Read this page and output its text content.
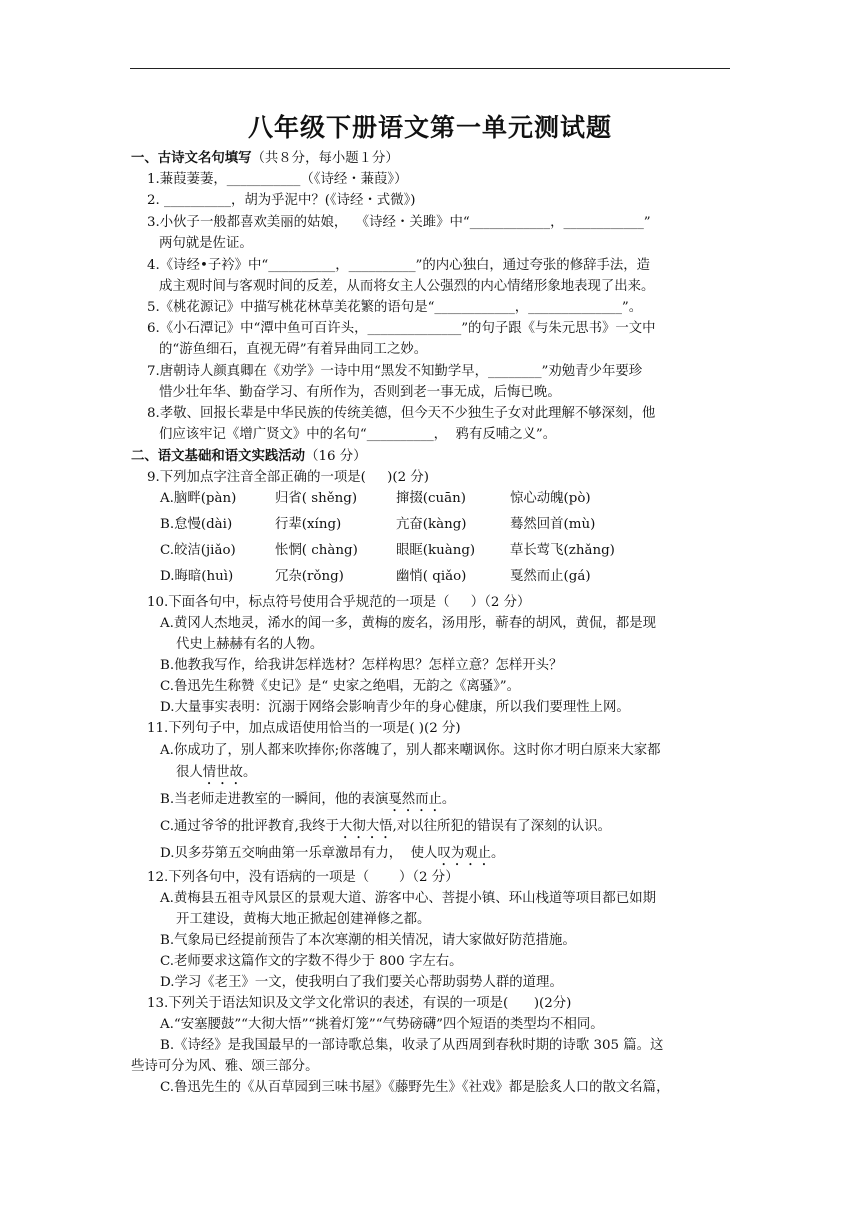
八年级下册语文第一单元测试题
一、古诗文名句填写（共８分，每小题１分）
1.蒹葭萋萋，___________（《诗经・蒹葭》）
2. __________，胡为乎泥中？(《诗经・式微》)
3.小伙子一般都喜欢美丽的姑娘，  《诗经・关雎》中“____________，____________”
两句就是佐证。
4.《诗经•子衿》中“__________，__________”的内心独白，通过夸张的修辞手法，造
成主观时间与客观时间的反差，从而将女主人公强烈的内心情绪形象地表现了出来。
5.《桃花源记》中描写桃花林草美花繁的语句是“____________，______________”。
6.《小石潭记》中“潭中鱼可百许头，______________”的句子跟《与朱元思书》一文中
的“游鱼细石，直视无碍”有着异曲同工之妙。
7.唐朝诗人颜真卿在《劝学》一诗中用“黑发不知勤学早，________”劝勉青少年要珍
惜少壮年华、勤奋学习、有所作为，否则到老一事无成，后悔已晚。
8.孝敬、回报长辈是中华民族的传统美德，但今天不少独生子女对此理解不够深刻，他
们应该牢记《增广贤文》中的名句“__________，  鸦有反哺之义”。
二、语文基础和语文实践活动（16 分）
9.下列加点字注音全部正确的一项是(     )(2 分)
A.脑畔(pàn)	归省( shěng)	撺掇(cuān)	惊心动魄(pò)
B.怠慢(dài)	行辈(xíng)	亢奋(kàng)	蓦然回首(mù)
C.皎洁(jiǎo)	怅惘( chàng)	眼眶(kuàng)	草长莺飞(zhǎng)
D.晦暗(huì)	冗杂(rǒng)	幽悄( qiǎo)	戛然而止(gá)
10.下面各句中，标点符号使用合乎规范的一项是（     ）（2 分）
A.黄冈人杰地灵，浠水的闻一多，黄梅的废名，汤用彤，蕲春的胡风，黄侃，都是现
代史上赫赫有名的人物。
B.他教我写作，给我讲怎样选材？怎样构思？怎样立意？怎样开头？
C.鲁迅先生称赞《史记》是“ 史家之绝唱，无韵之《离骚》”。
D.大量事实表明：沉溺于网络会影响青少年的身心健康，所以我们要理性上网。
11.下列句子中，加点成语使用恰当的一项是( )(2 分)
A.你成功了，别人都来吹捧你;你落魄了，别人都来嘲讽你。这时你才明白原来大家都
很人情世故。
B.当老师走进教室的一瞬间，他的表演戛然而止。
C.通过爷爷的批评教育,我终于大彻大悟,对以往所犯的错误有了深刻的认识。
D.贝多芬第五交响曲第一乐章激昂有力，  使人叹为观止。
12.下列各句中，没有语病的一项是（       ）（2 分）
A.黄梅县五祖寺风景区的景观大道、游客中心、菩提小镇、环山栈道等项目都已如期
开工建设，黄梅大地正掀起创建禅修之都。
B.气象局已经提前预告了本次寒潮的相关情况，请大家做好防范措施。
C.老师要求这篇作文的字数不得少于 800 字左右。
D.学习《老王》一文，使我明白了我们要关心帮助弱势人群的道理。
13.下列关于语法知识及文学文化常识的表述，有误的一项是(      )(2分)
A.“安塞腰鼓”“大彻大悟”“挑着灯笼”“气势磅礴”四个短语的类型均不相同。
B.《诗经》是我国最早的一部诗歌总集，收录了从西周到春秋时期的诗歌 305 篇。这
些诗可分为风、雅、颂三部分。
C.鲁迅先生的《从百草园到三味书屋》《藤野先生》《社戏》都是脍炙人口的散文名篇，
